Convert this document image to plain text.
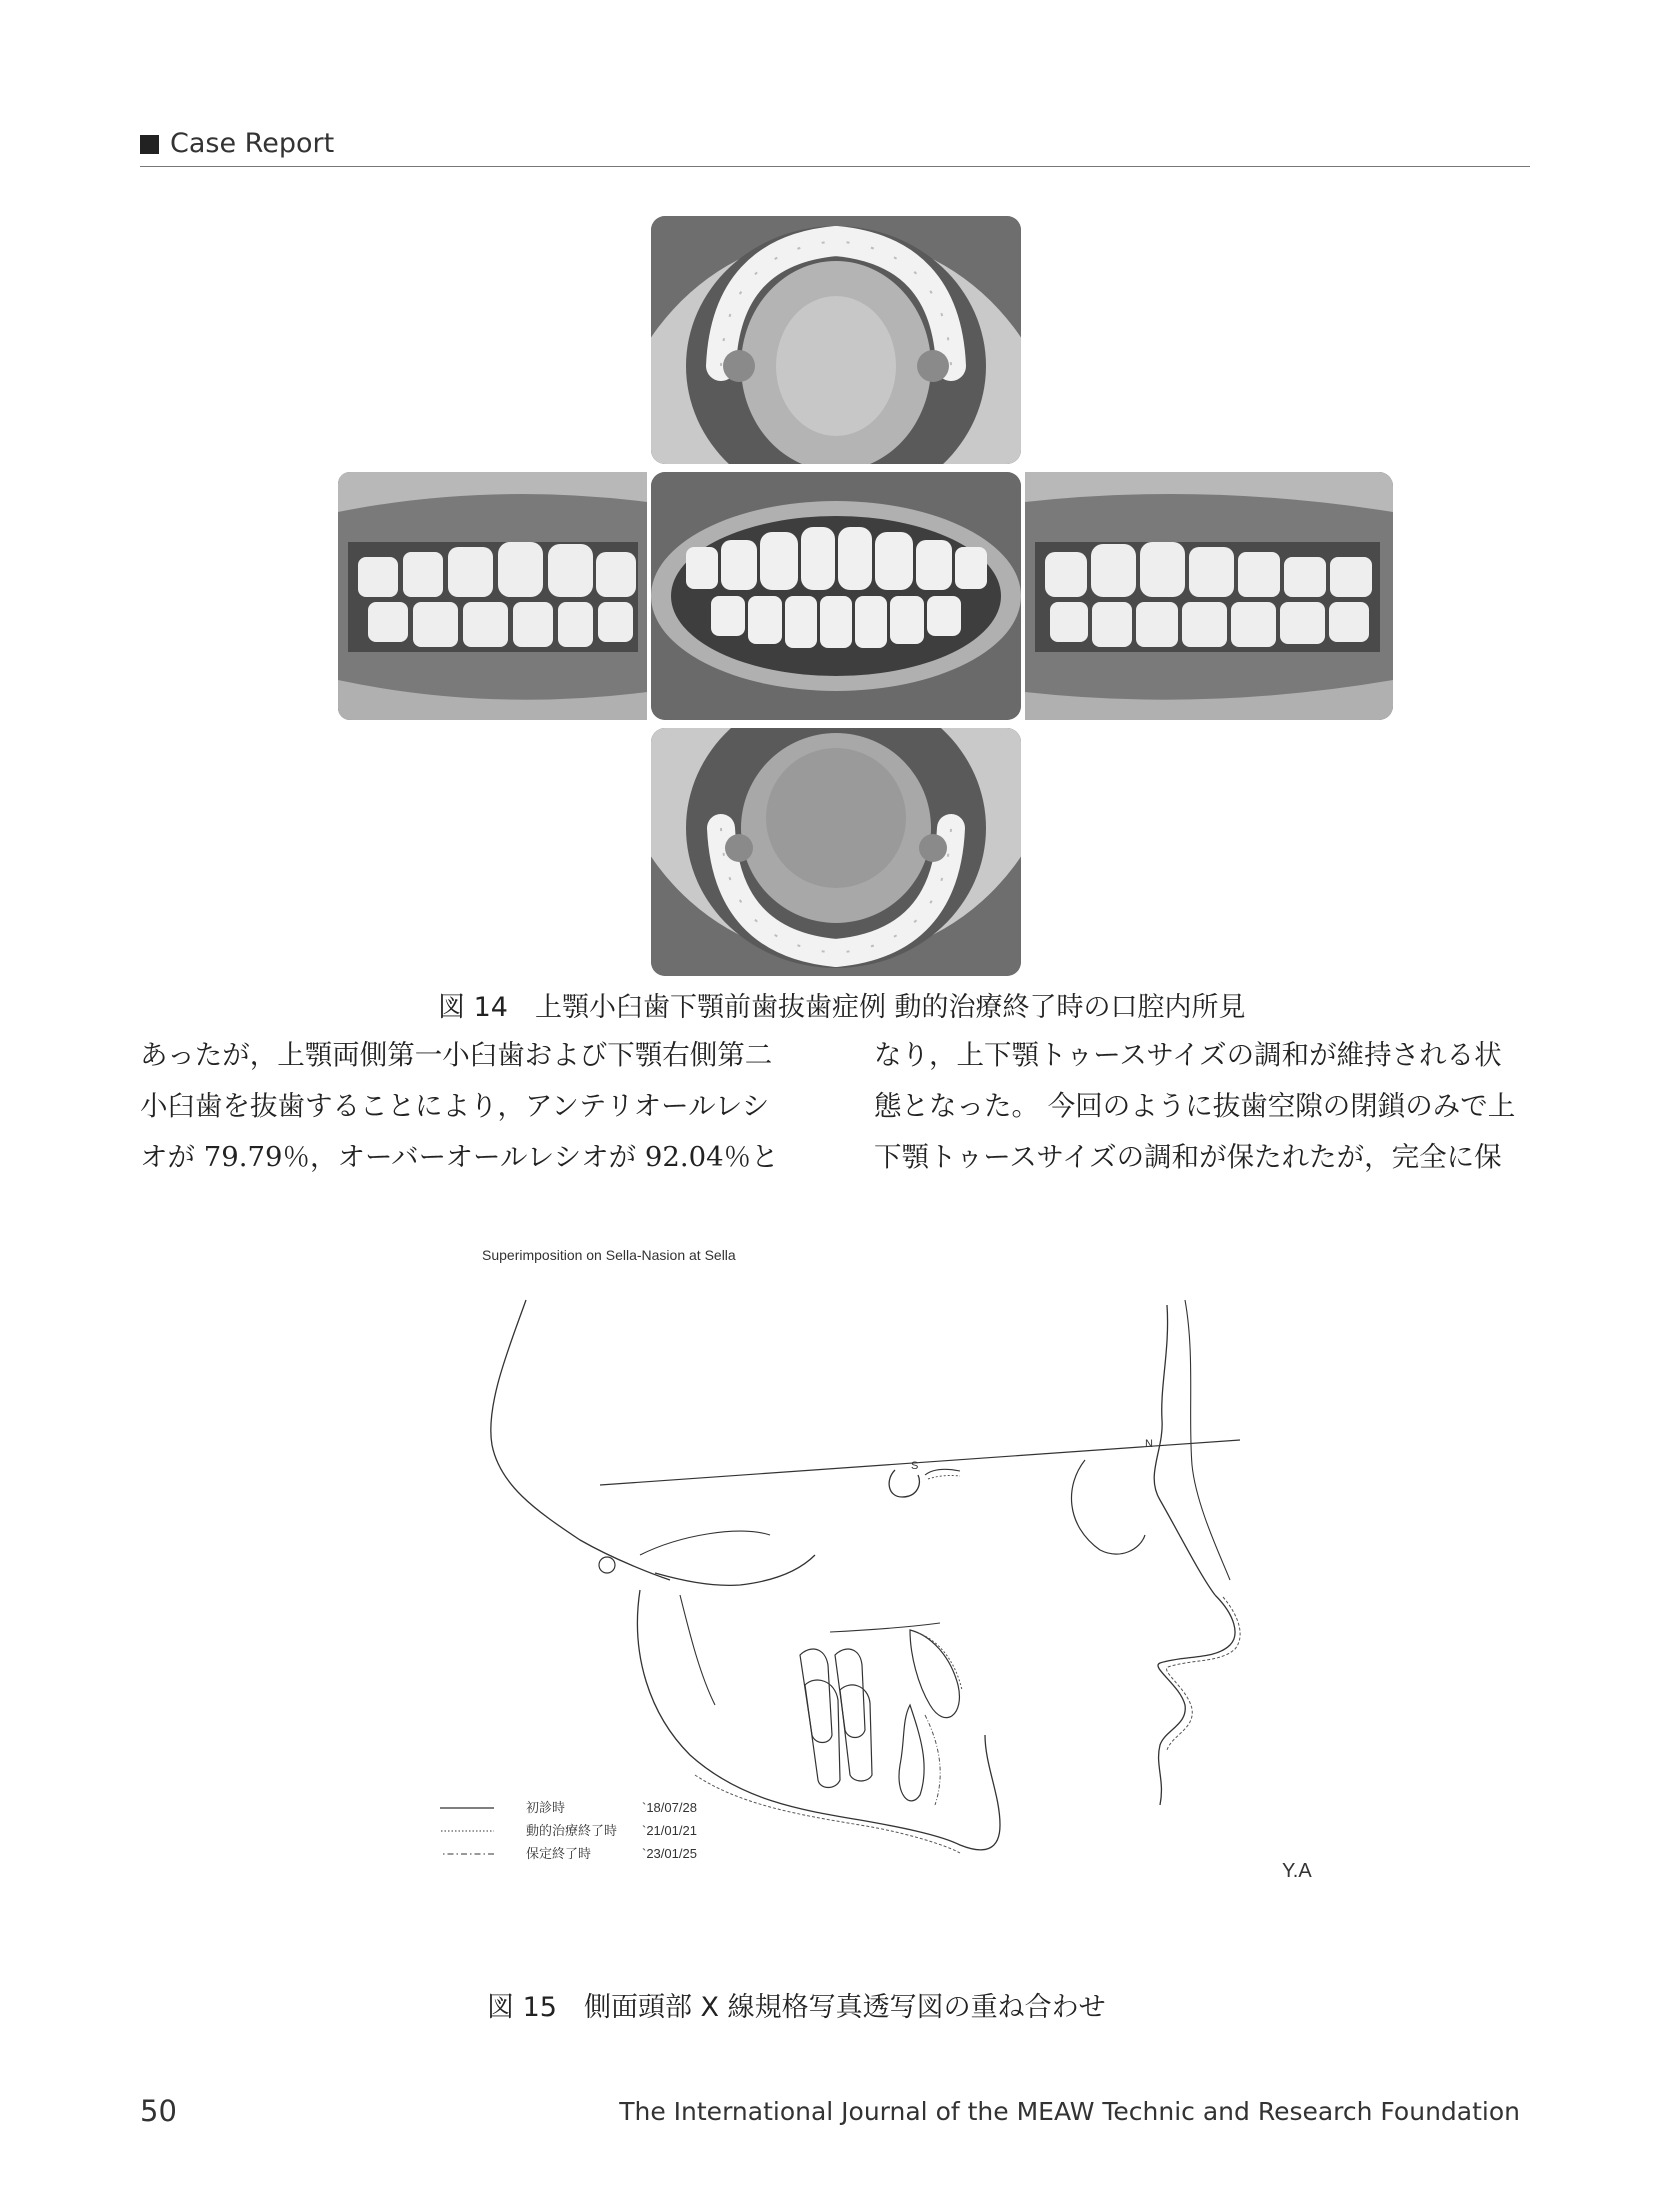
Case Report
図 14　上顎小臼歯下顎前歯抜歯症例 動的治療終了時の口腔内所見
あったが，上顎両側第一小臼歯および下顎右側第二
小臼歯を抜歯することにより，アンテリオールレシ
オが 79.79％，オーバーオールレシオが 92.04％と
なり，上下顎トゥースサイズの調和が維持される状
態となった。 今回のように抜歯空隙の閉鎖のみで上
下顎トゥースサイズの調和が保たれたが，完全に保
Superimposition on Sella-Nasion at Sella
S
N
初診時	`18/07/28
動的治療終了時 `21/01/21
保定終了時	`23/01/25
Y.A
図 15　側面頭部 X 線規格写真透写図の重ね合わせ
50	The International Journal of the MEAW Technic and Research Foundation
